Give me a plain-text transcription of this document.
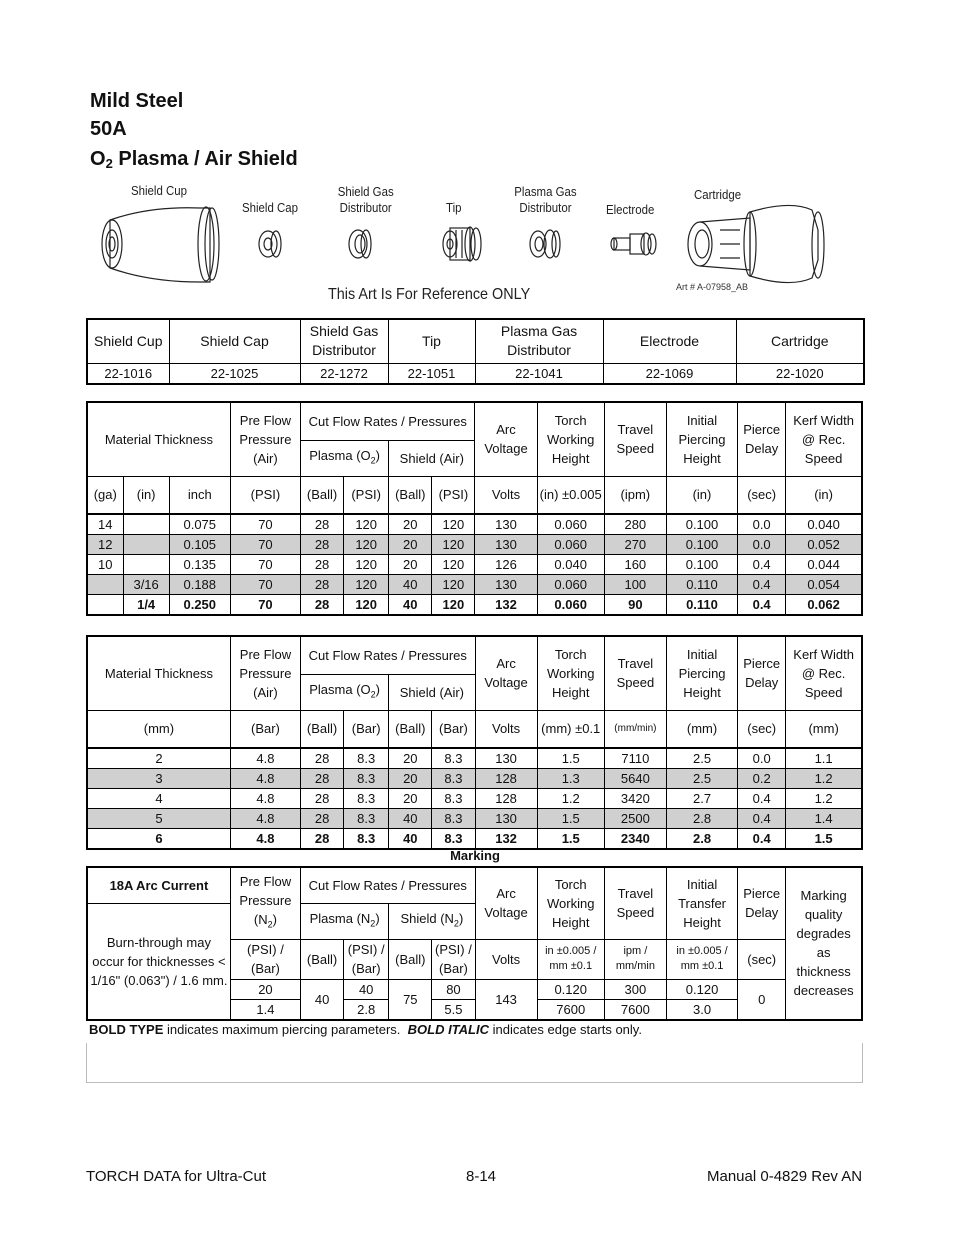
Mild Steel
50A
$O_2$ Plasma / Air Shield
Shield Cup
Shield Cap
Shield Gas Distributor	Tip
Plasma Gas Distributor	Electrode
Cartridge
This Art Is For Reference ONLY	Art # A-07958_AB
Shield Cup	Shield Cap	Shield Gas Distributor	Tip	Plasma Gas Distributor	Electrode	Cartridge
22-1016	22-1025	22-1272	22-1051	22-1041	22-1069	22-1020
Material Thickness			Pre Flow Pressure (Air)	Cut Flow Rates / Pressures				Arc Voltage	Torch Working Height	Travel Speed	Initial Piercing Height	Pierce Delay	Kerf Width @ Rec. Speed
				Plasma $(O_2)$		Shield (Air)							
(ga)	(in)	inch	(PSI)	(Ball)	(PSI)	(Ball)	(PSI)	Volts	(in) ±0.005	(ipm)	(in)	(sec)	(in)
14		0.075	70	28	120	20	120	130	0.060	280	0.100	0.0	0.040
12		0.105	70	28	120	20	120	130	0.060	270	0.100	0.0	0.052
10		0.135	70	28	120	20	120	126	0.040	160	0.100	0.4	0.044
	3/16	0.188	70	28	120	40	120	130	0.060	100	0.110	0.4	0.054
	1/4	0.250	70	28	120	40	120	132	0.060	90	0.110	0.4	0.062
Material Thickness	Pre Flow Pressure (Air)	Cut Flow Rates / Pressures				Arc Voltage	Torch Working Height	Travel Speed	Initial Piercing Height	Pierce Delay	Kerf Width @ Rec. Speed
		Plasma $(O_2)$		Shield (Air)							
(mm)	(Bar)	(Ball)	(Bar)	(Ball)	(Bar)	Volts	(mm) ±0.1	(mm/min)	(mm)	(sec)	(mm)
2	4.8	28	8.3	20	8.3	130	1.5	7110	2.5	0.0	1.1
3	4.8	28	8.3	20	8.3	128	1.3	5640	2.5	0.2	1.2
4	4.8	28	8.3	20	8.3	128	1.2	3420	2.7	0.4	1.2
5	4.8	28	8.3	40	8.3	130	1.5	2500	2.8	0.4	1.4
6	4.8	28	8.3	40	8.3	132	1.5	2340	2.8	0.4	1.5
Marking
18A Arc Current	Pre Flow Pressure $(N_2)$	Cut Flow Rates / Pressures				Arc Voltage	Torch Working Height	Travel Speed	Initial Transfer Height	Pierce Delay	Marking quality degrades as thickness decreases
Burn-through may occur for thicknesses < 1/16" (0.063") / 1.6 mm.		Plasma $(N_2)$		Shield $(N_2)$							
	(PSI) / (Bar)	(Ball)	(PSI) / (Bar)	(Ball)	(PSI) / (Bar)	Volts	in ±0.005 / mm ±0.1	ipm / mm/min	in ±0.005 / mm ±0.1	(sec)	
	20	40	40	75	80	143	0.120	300	0.120	0	
	1.4		2.8		5.5		7600	7600	3.0		
BOLD TYPE indicates maximum piercing parameters. BOLD ITALIC indicates edge starts only.
TORCH DATA for Ultra-Cut	8-14	Manual 0-4829 Rev AN
